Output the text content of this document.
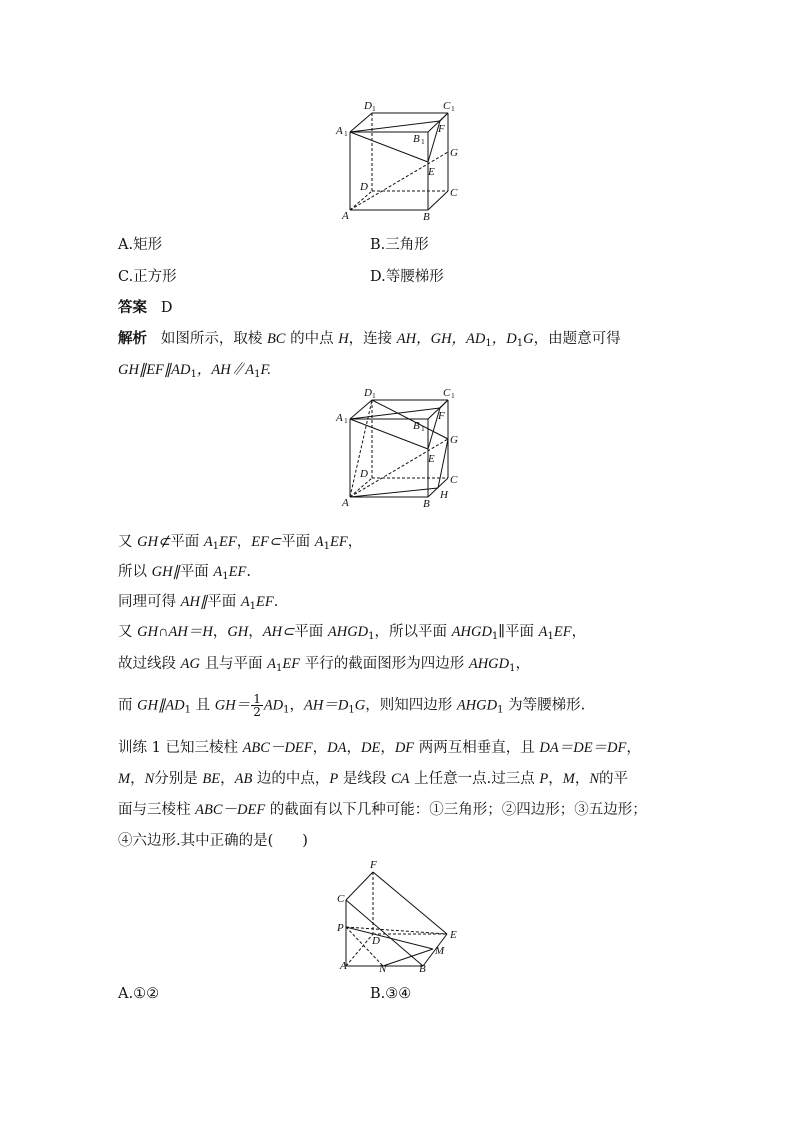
D 1	C 1
A 1	B 1
F
G
E
D	C
A	B
D 1	C 1
A 1	B 1
F
G
E
D	C
A	B
H
F
C
P
D	E
M
A	N	B
A.矩形	B.三角形
C.正方形	D.等腰梯形
答案 D
解析 如图所示，取棱 BC 的中点 H，连接 AH，GH，$AD_1$，$D_1G$，由题意可得
$GH\parallel EF\parallel AD_1$，$AH\parallel A_1F$.
又 GH⊄平面 $A_1EF$，EF⊂平面 $A_1EF$，
所以 GH∥平面 $A_1EF$.
同理可得 AH∥平面 $A_1EF$.
又 GH∩AH＝H，GH，AH⊂平面 $AHGD_1$，所以平面 $AHGD_1\parallel$平面 $A_1EF$，
故过线段 AG 且与平面 $A_1EF$ 平行的截面图形为四边形 $AHGD_1$，
而 $GH\parallel AD_1$ 且 $GH= \frac{1}{2} AD_1$，$AH=D_1G$，则知四边形 $AHGD_1$ 为等腰梯形.
训练 1 已知三棱柱 ABC－DEF，DA，DE，DF 两两互相垂直，且 DA＝DE＝DF，
M，N分别是 BE，AB 边的中点，P 是线段 CA 上任意一点.过三点 P，M，N的平
面与三棱柱 ABC－DEF 的截面有以下几种可能：①三角形；②四边形；③五边形；
④六边形.其中正确的是(　　)
A.①②	B.③④
